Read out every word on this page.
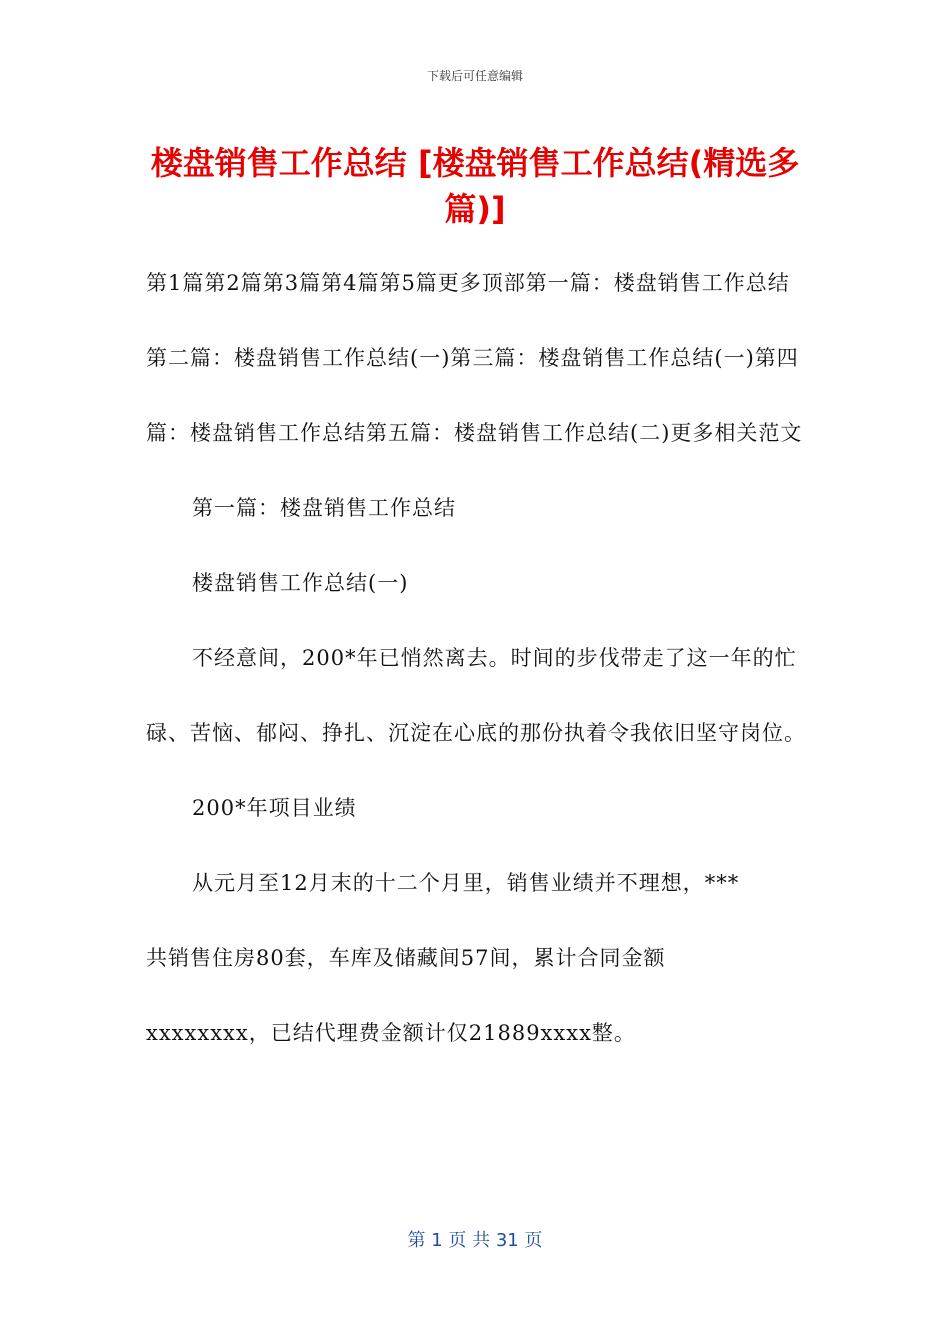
下载后可任意编辑
楼盘销售工作总结 [楼盘销售工作总结(精选多篇)]

第1篇第2篇第3篇第4篇第5篇更多顶部第一篇：楼盘销售工作总结第二篇：楼盘销售工作总结(一)第三篇：楼盘销售工作总结(一)第四篇：楼盘销售工作总结第五篇：楼盘销售工作总结(二)更多相关范文

第一篇：楼盘销售工作总结

楼盘销售工作总结(一)

不经意间，200*年已悄然离去。时间的步伐带走了这一年的忙碌、苦恼、郁闷、挣扎、沉淀在心底的那份执着令我依旧坚守岗位。

200*年项目业绩

从元月至12月末的十二个月里，销售业绩并不理想，***

共销售住房80套，车库及储藏间57间，累计合同金额

xxxxxxxx，已结代理费金额计仅21889xxxx整。

第 1 页 共 31 页
